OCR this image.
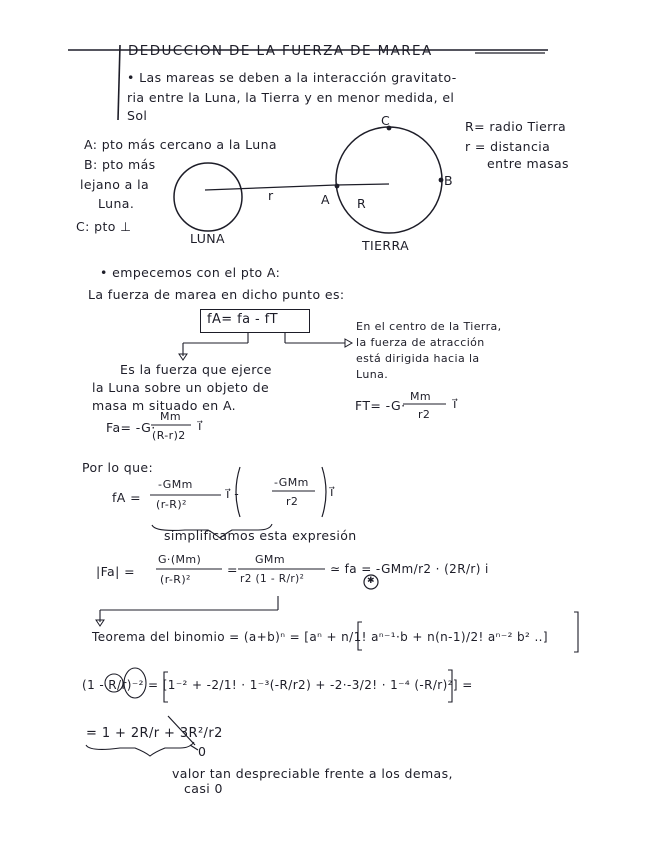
DEDUCCION DE LA FUERZA DE MAREA
• Las mareas se deben a la interacción gravitato-
ria entre la Luna, la Tierra y en menor medida, el
Sol
A: pto más cercano a la Luna
B: pto más
lejano a la
Luna.
C: pto ⊥
R= radio Tierra
r = distancia
entre masas
C
B
A
r
R
LUNA	TIERRA
• empecemos con el pto A:
La fuerza de marea en dicho punto es:
fA= fa - fT	En el centro de la Tierra,
la fuerza de atracción
está dirigida hacia la
Luna.
Es la fuerza que ejerce
la Luna sobre un objeto de
masa m situado en A.	FT= -G·
Mm
r2
i⃗
Fa= -G·
Mm
(R-r)2
i⃗
Por lo que:
fA =
-GMm
(r-R)²
i⃗ -
-GMm
r2
i⃗
simplificamos esta expresión
|Fa| =
G·(Mm)
(r-R)²
=
GMm
r2 (1 - R/r)²
≃ fa = -GMm/r2 · (2R/r) i
✱
Teorema del binomio = (a+b)ⁿ = [aⁿ + n/1! aⁿ⁻¹·b + n(n-1)/2! aⁿ⁻² b² ..]
(1 - R/r)⁻² = [1⁻² + -2/1! · 1⁻³(-R/r2) + -2·-3/2! · 1⁻⁴ (-R/r)²] =
= 1 + 2R/r + 3R²/r2
0
valor tan despreciable frente a los demas,
casi 0
